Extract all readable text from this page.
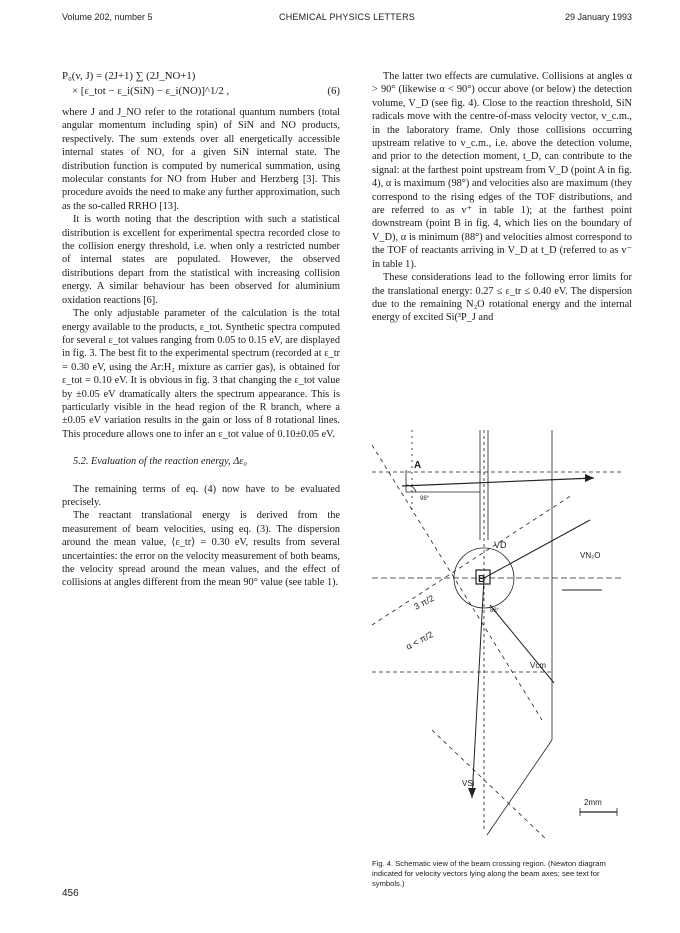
Volume 202, number 5	CHEMICAL PHYSICS LETTERS	29 January 1993
P₀(v, J) = (2J+1) ∑ (2J_NO+1)
× [ε_tot − ε_i(SiN) − ε_i(NO)]^1/2 ,	(6)

where J and J_NO refer to the rotational quantum numbers (total angular momentum including spin) of SiN and NO products, respectively. The sum extends over all energetically accessible internal states of NO, for a given SiN internal state. The distribution function is computed by numerical summation, using molecular constants for NO from Huber and Herzberg [3]. This procedure avoids the need to make any further approximation, such as the so-called RRHO [13].

It is worth noting that the description with such a statistical distribution is excellent for experimental spectra recorded close to the collision energy threshold, i.e. when only a restricted number of internal states are populated. However, the observed distributions depart from the statistical with increasing collision energy. A similar behaviour has been observed for aluminium oxidation reactions [6].

The only adjustable parameter of the calculation is the total energy available to the products, ε_tot. Synthetic spectra computed for several ε_tot values ranging from 0.05 to 0.15 eV, are displayed in fig. 3. The best fit to the experimental spectrum (recorded at ε_tr = 0.30 eV, using the Ar:H₂ mixture as carrier gas), is obtained for ε_tot = 0.10 eV. It is obvious in fig. 3 that changing the ε_tot value by ±0.05 eV dramatically alters the spectrum appearance. This is particularly visible in the head region of the R branch, where a ±0.05 eV variation results in the gain or loss of 8 rotational lines. This procedure allows one to infer an ε_tot value of 0.10±0.05 eV.

5.2. Evaluation of the reaction energy, Δε₀

The remaining terms of eq. (4) now have to be evaluated precisely.

The reactant translational energy is derived from the measurement of beam velocities, using eq. (3). The dispersion around the mean value, ⟨ε_tr⟩ = 0.30 eV, results from several uncertainties: the error on the velocity measurement of both beams, the velocity spread around the mean values, and the effect of collisions at angles different from the mean 90° value (see table 1).

The latter two effects are cumulative. Collisions at angles α > 90° (likewise α < 90°) occur above (or below) the detection volume, V_D (see fig. 4). Close to the reaction threshold, SiN radicals move with the centre-of-mass velocity vector, v_c.m., in the laboratory frame. Only those collisions occurring upstream relative to v_c.m., i.e. above the detection volume, and prior to the detection moment, t_D, can contribute to the signal: at the farthest point upstream from V_D (point A in fig. 4), α is maximum (98°) and velocities also are maximum (they correspond to the rising edges of the TOF distributions, and are referred to as v⁺ in table 1); at the farthest point downstream (point B in fig. 4, which lies on the boundary of V_D), α is minimum (88°) and velocities almost correspond to the TOF of reactants arriving in V_D at t_D (referred to as v⁻ in table 1).

These considerations lead to the following error limits for the translational energy: 0.27 ≤ ε_tr ≤ 0.40 eV. The dispersion due to the remaining N₂O rotational energy and the internal energy of excited Si(³P_J and

A
B
VD
VN₂O
Vcm
VSi
98°
88°
3 π/2
α < π/2
2mm
Fig. 4. Schematic view of the beam crossing region. (Newton diagram indicated for velocity vectors lying along the beam axes; see text for symbols.)
456
